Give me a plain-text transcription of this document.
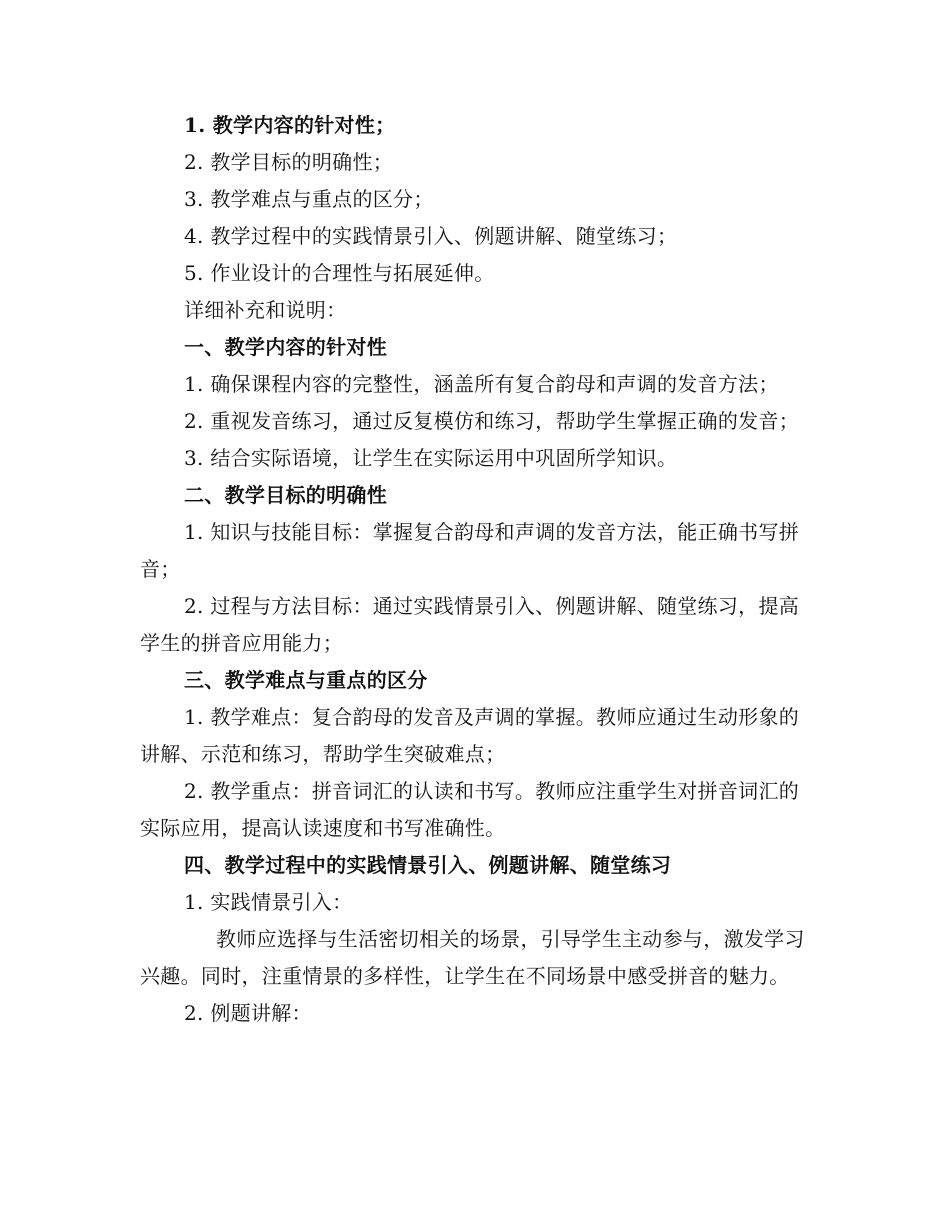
1. 教学内容的针对性；
2. 教学目标的明确性；
3. 教学难点与重点的区分；
4. 教学过程中的实践情景引入、例题讲解、随堂练习；
5. 作业设计的合理性与拓展延伸。
详细补充和说明：
一、教学内容的针对性
1. 确保课程内容的完整性，涵盖所有复合韵母和声调的发音方法；
2. 重视发音练习，通过反复模仿和练习，帮助学生掌握正确的发音；
3. 结合实际语境，让学生在实际运用中巩固所学知识。
二、教学目标的明确性
1. 知识与技能目标：掌握复合韵母和声调的发音方法，能正确书写拼音；
2. 过程与方法目标：通过实践情景引入、例题讲解、随堂练习，提高学生的拼音应用能力；
三、教学难点与重点的区分
1. 教学难点：复合韵母的发音及声调的掌握。教师应通过生动形象的讲解、示范和练习，帮助学生突破难点；
2. 教学重点：拼音词汇的认读和书写。教师应注重学生对拼音词汇的实际应用，提高认读速度和书写准确性。
四、教学过程中的实践情景引入、例题讲解、随堂练习
1. 实践情景引入：
教师应选择与生活密切相关的场景，引导学生主动参与，激发学习兴趣。同时，注重情景的多样性，让学生在不同场景中感受拼音的魅力。
2. 例题讲解：
